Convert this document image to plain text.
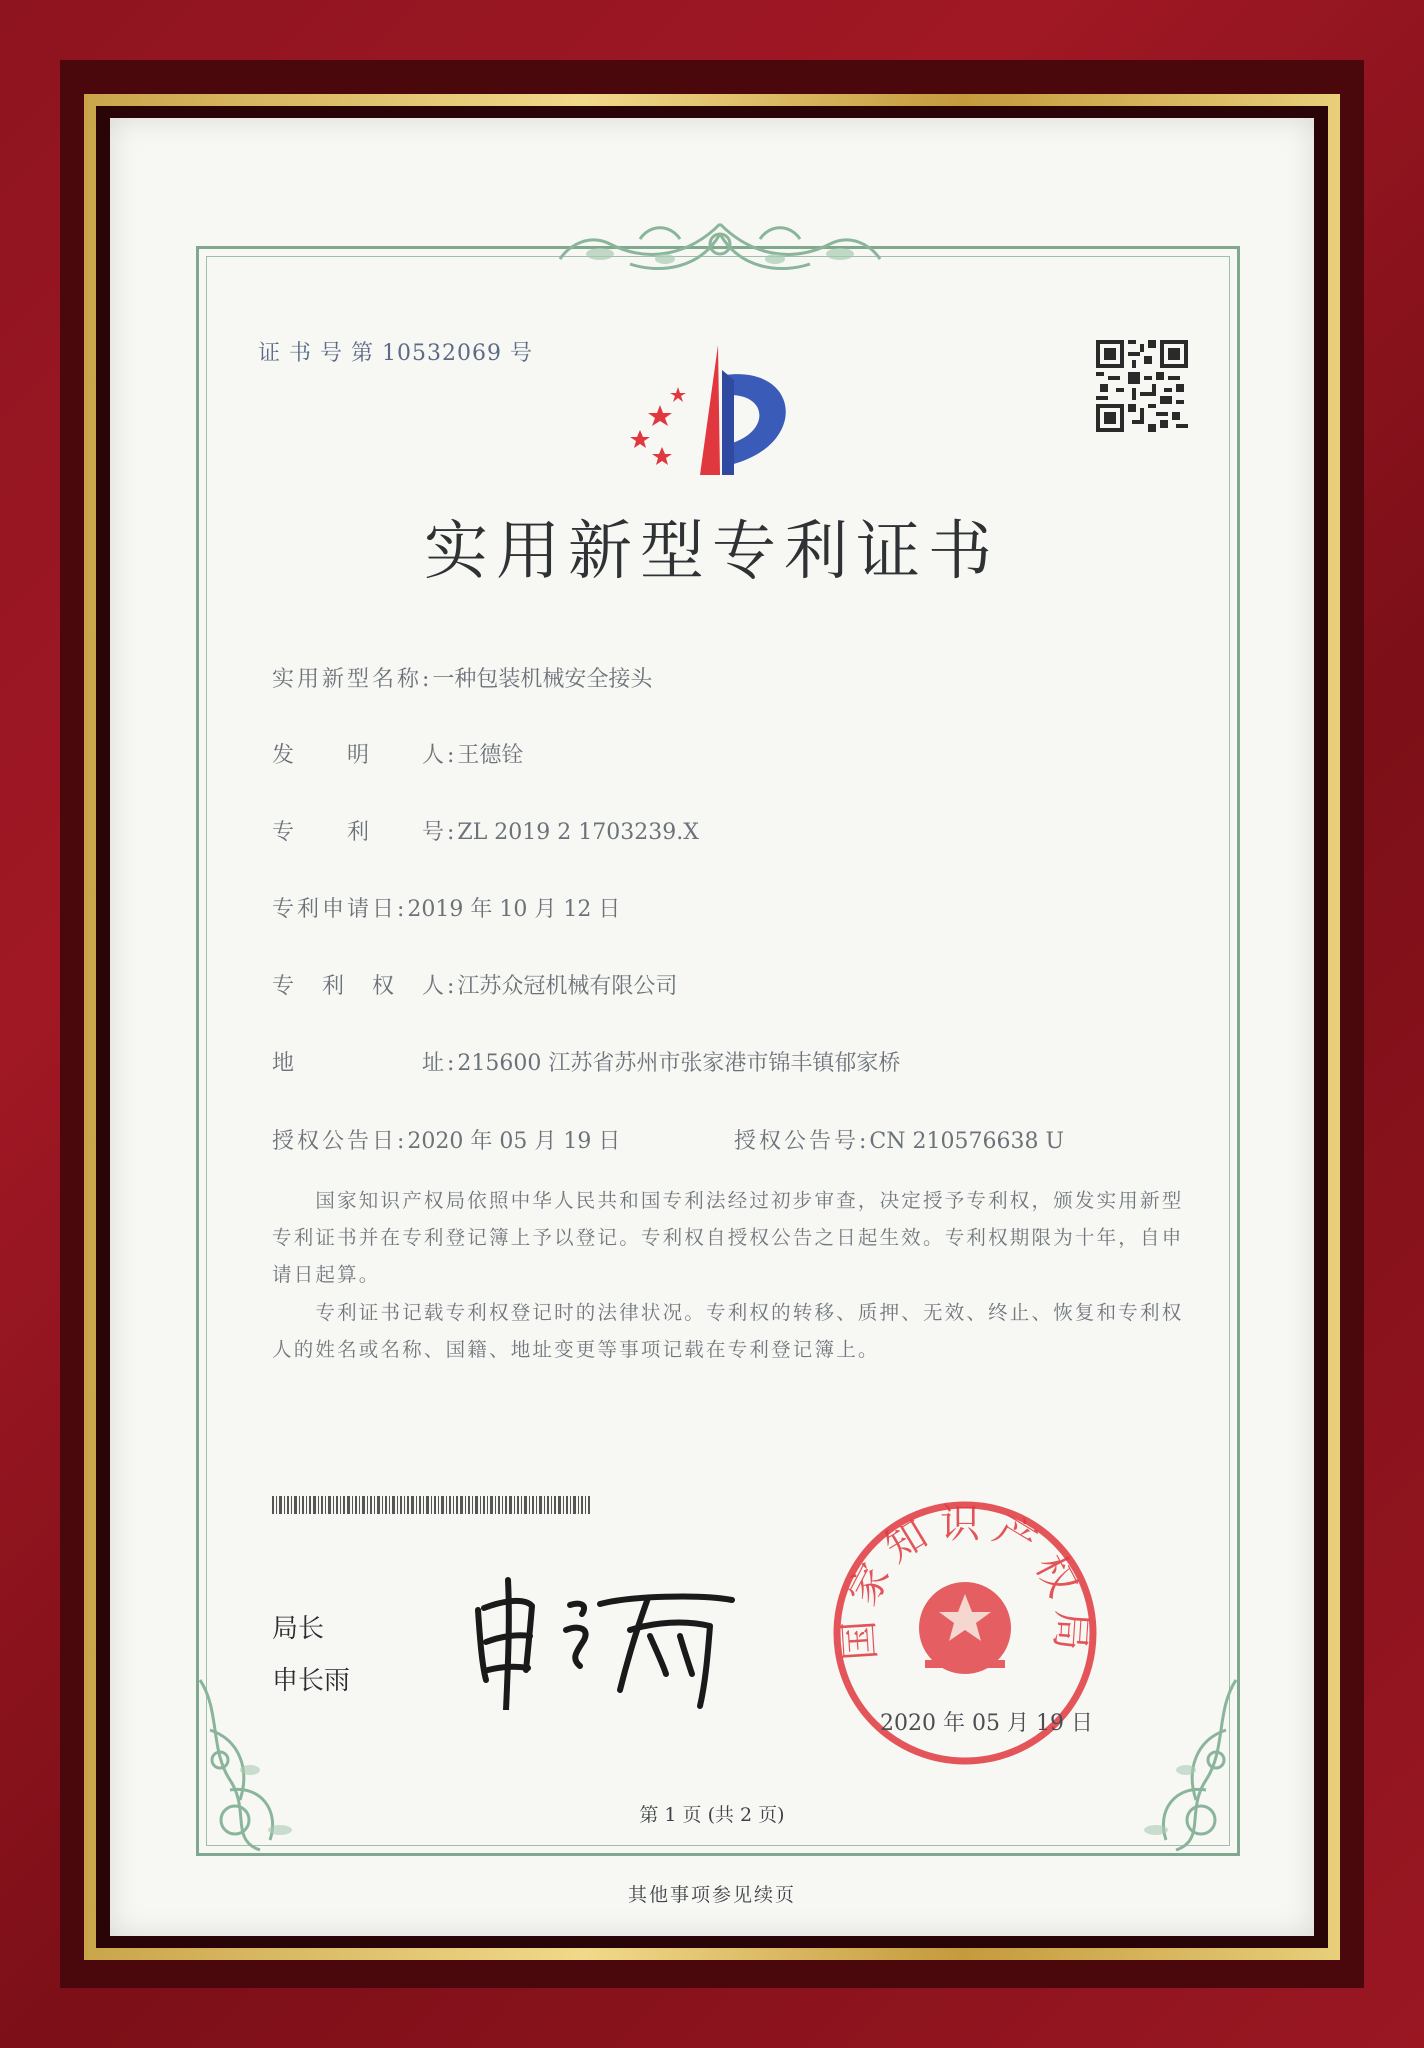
证 书 号 第 10532069 号
实用新型专利证书
实用新型名称:一种包装机械安全接头
发　　明　　人:王德铨
专　　利　　号:ZL 2019 2 1703239.X
专利申请日:2019 年 10 月 12 日
专　利　权　人:江苏众冠机械有限公司
地　　　　　址:215600 江苏省苏州市张家港市锦丰镇郁家桥
授权公告日:2020 年 05 月 19 日	授权公告号:CN 210576638 U
　　国家知识产权局依照中华人民共和国专利法经过初步审查，决定授予专利权，颁发实用新型专利证书并在专利登记簿上予以登记。专利权自授权公告之日起生效。专利权期限为十年，自申请日起算。
　　专利证书记载专利权登记时的法律状况。专利权的转移、质押、无效、终止、恢复和专利权人的姓名或名称、国籍、地址变更等事项记载在专利登记簿上。
局长
申长雨
国家知识产权局
2020 年 05 月 19 日
第 1 页 (共 2 页)
其他事项参见续页
